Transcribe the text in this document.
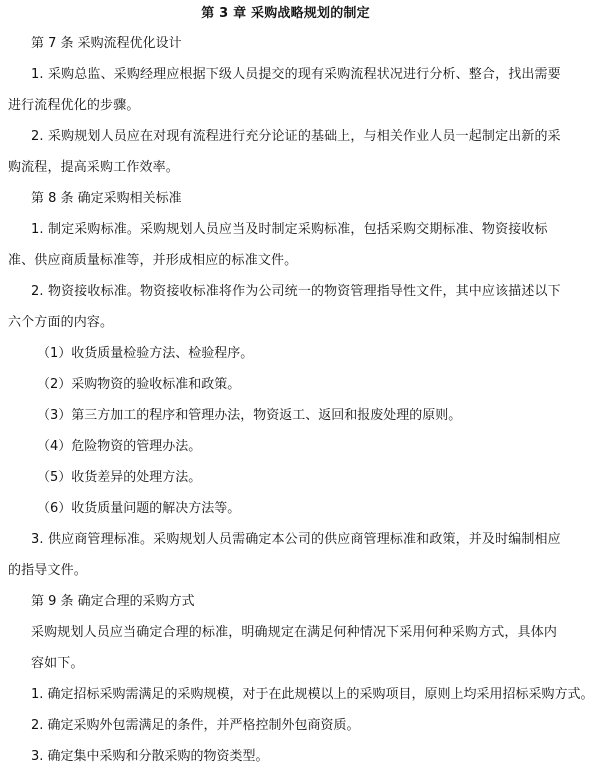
第 3 章 采购战略规划的制定

第 7 条 采购流程优化设计

1. 采购总监、采购经理应根据下级人员提交的现有采购流程状况进行分析、整合，找出需要进行流程优化的步骤。

2. 采购规划人员应在对现有流程进行充分论证的基础上，与相关作业人员一起制定出新的采购流程，提高采购工作效率。

第 8 条 确定采购相关标准

1. 制定采购标准。采购规划人员应当及时制定采购标准，包括采购交期标准、物资接收标准、供应商质量标准等，并形成相应的标准文件。

2. 物资接收标准。物资接收标准将作为公司统一的物资管理指导性文件，其中应该描述以下六个方面的内容。

（1）收货质量检验方法、检验程序。

（2）采购物资的验收标准和政策。

（3）第三方加工的程序和管理办法，物资返工、返回和报废处理的原则。

（4）危险物资的管理办法。

（5）收货差异的处理方法。

（6）收货质量问题的解决方法等。

3. 供应商管理标准。采购规划人员需确定本公司的供应商管理标准和政策，并及时编制相应的指导文件。

第 9 条 确定合理的采购方式

采购规划人员应当确定合理的标准，明确规定在满足何种情况下采用何种采购方式，具体内容如下。

1. 确定招标采购需满足的采购规模，对于在此规模以上的采购项目，原则上均采用招标采购方式。

2. 确定采购外包需满足的条件，并严格控制外包商资质。

3. 确定集中采购和分散采购的物资类型。
